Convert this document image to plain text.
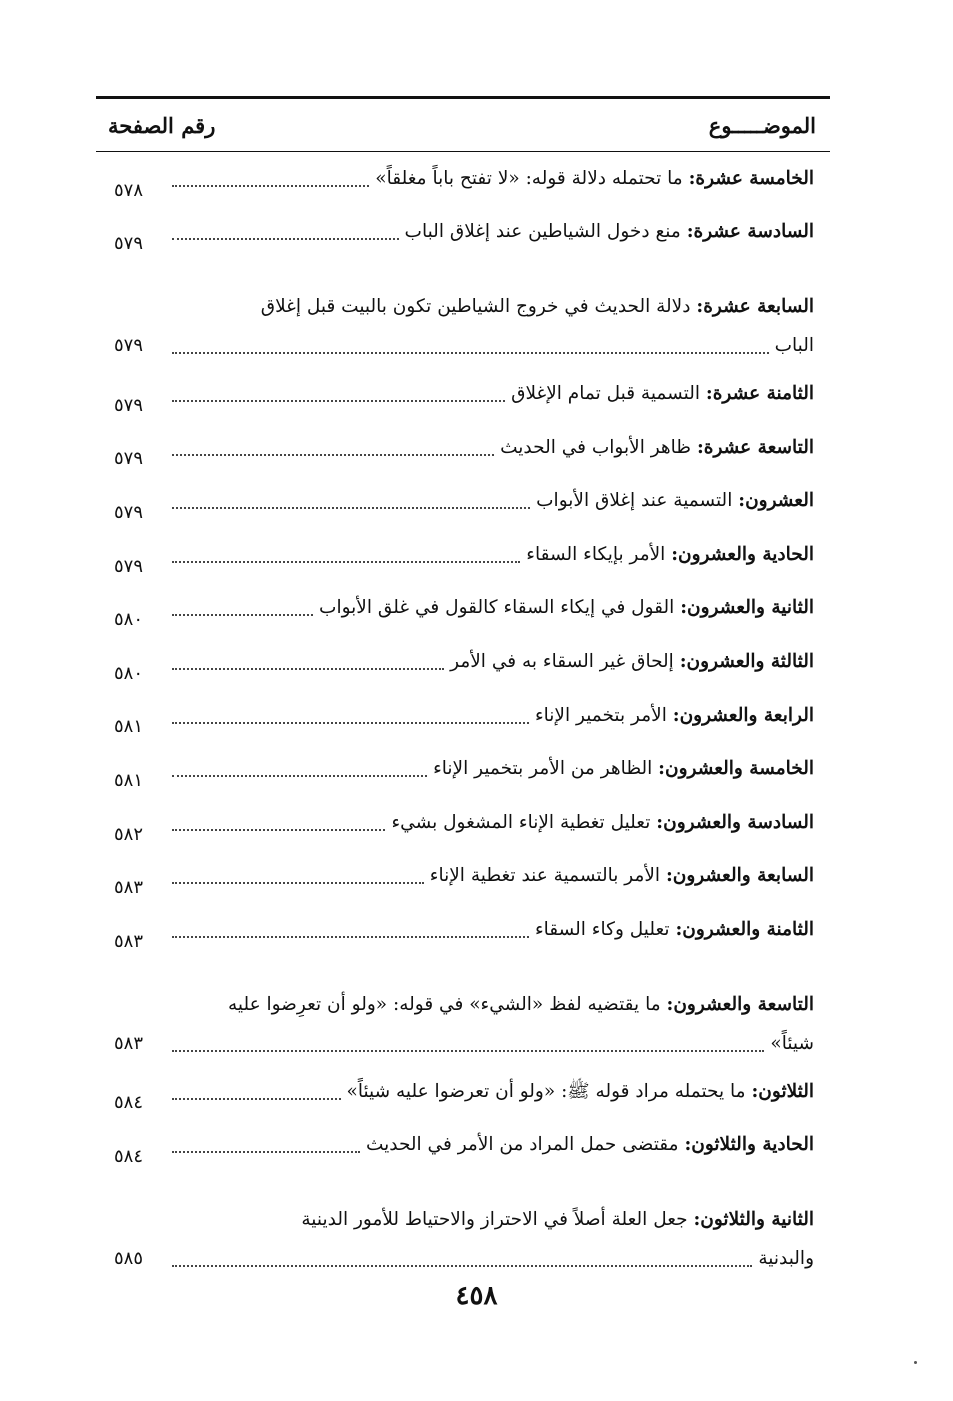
الموضـــــوع
رقم الصفحة
الخامسة عشرة: ما تحتمله دلالة قوله: «لا تفتح باباً مغلقاً»
٥٧٨
السادسة عشرة: منع دخول الشياطين عند إغلاق الباب
٥٧٩
السابعة عشرة: دلالة الحديث في خروج الشياطين تكون بالبيت قبل إغلاق
الباب
٥٧٩
الثامنة عشرة: التسمية قبل تمام الإغلاق
٥٧٩
التاسعة عشرة: ظاهر الأبواب في الحديث
٥٧٩
العشرون: التسمية عند إغلاق الأبواب
٥٧٩
الحادية والعشرون: الأمر بإيكاء السقاء
٥٧٩
الثانية والعشرون: القول في إيكاء السقاء كالقول في غلق الأبواب
٥٨٠
الثالثة والعشرون: إلحاق غير السقاء به في الأمر
٥٨٠
الرابعة والعشرون: الأمر بتخمير الإناء
٥٨١
الخامسة والعشرون: الظاهر من الأمر بتخمير الإناء
٥٨١
السادسة والعشرون: تعليل تغطية الإناء المشغول بشيء
٥٨٢
السابعة والعشرون: الأمر بالتسمية عند تغطية الإناء
٥٨٣
الثامنة والعشرون: تعليل وكاء السقاء
٥٨٣
التاسعة والعشرون: ما يقتضيه لفظ «الشيء» في قوله: «ولو أن تعرِضوا عليه
شيئاً»
٥٨٣
الثلاثون: ما يحتمله مراد قوله ﷺ: «ولو أن تعرضوا عليه شيئاً»
٥٨٤
الحادية والثلاثون: مقتضى حمل المراد من الأمر في الحديث
٥٨٤
الثانية والثلاثون: جعل العلة أصلاً في الاحتراز والاحتياط للأمور الدينية
والبدنية
٥٨٥
٤٥٨
